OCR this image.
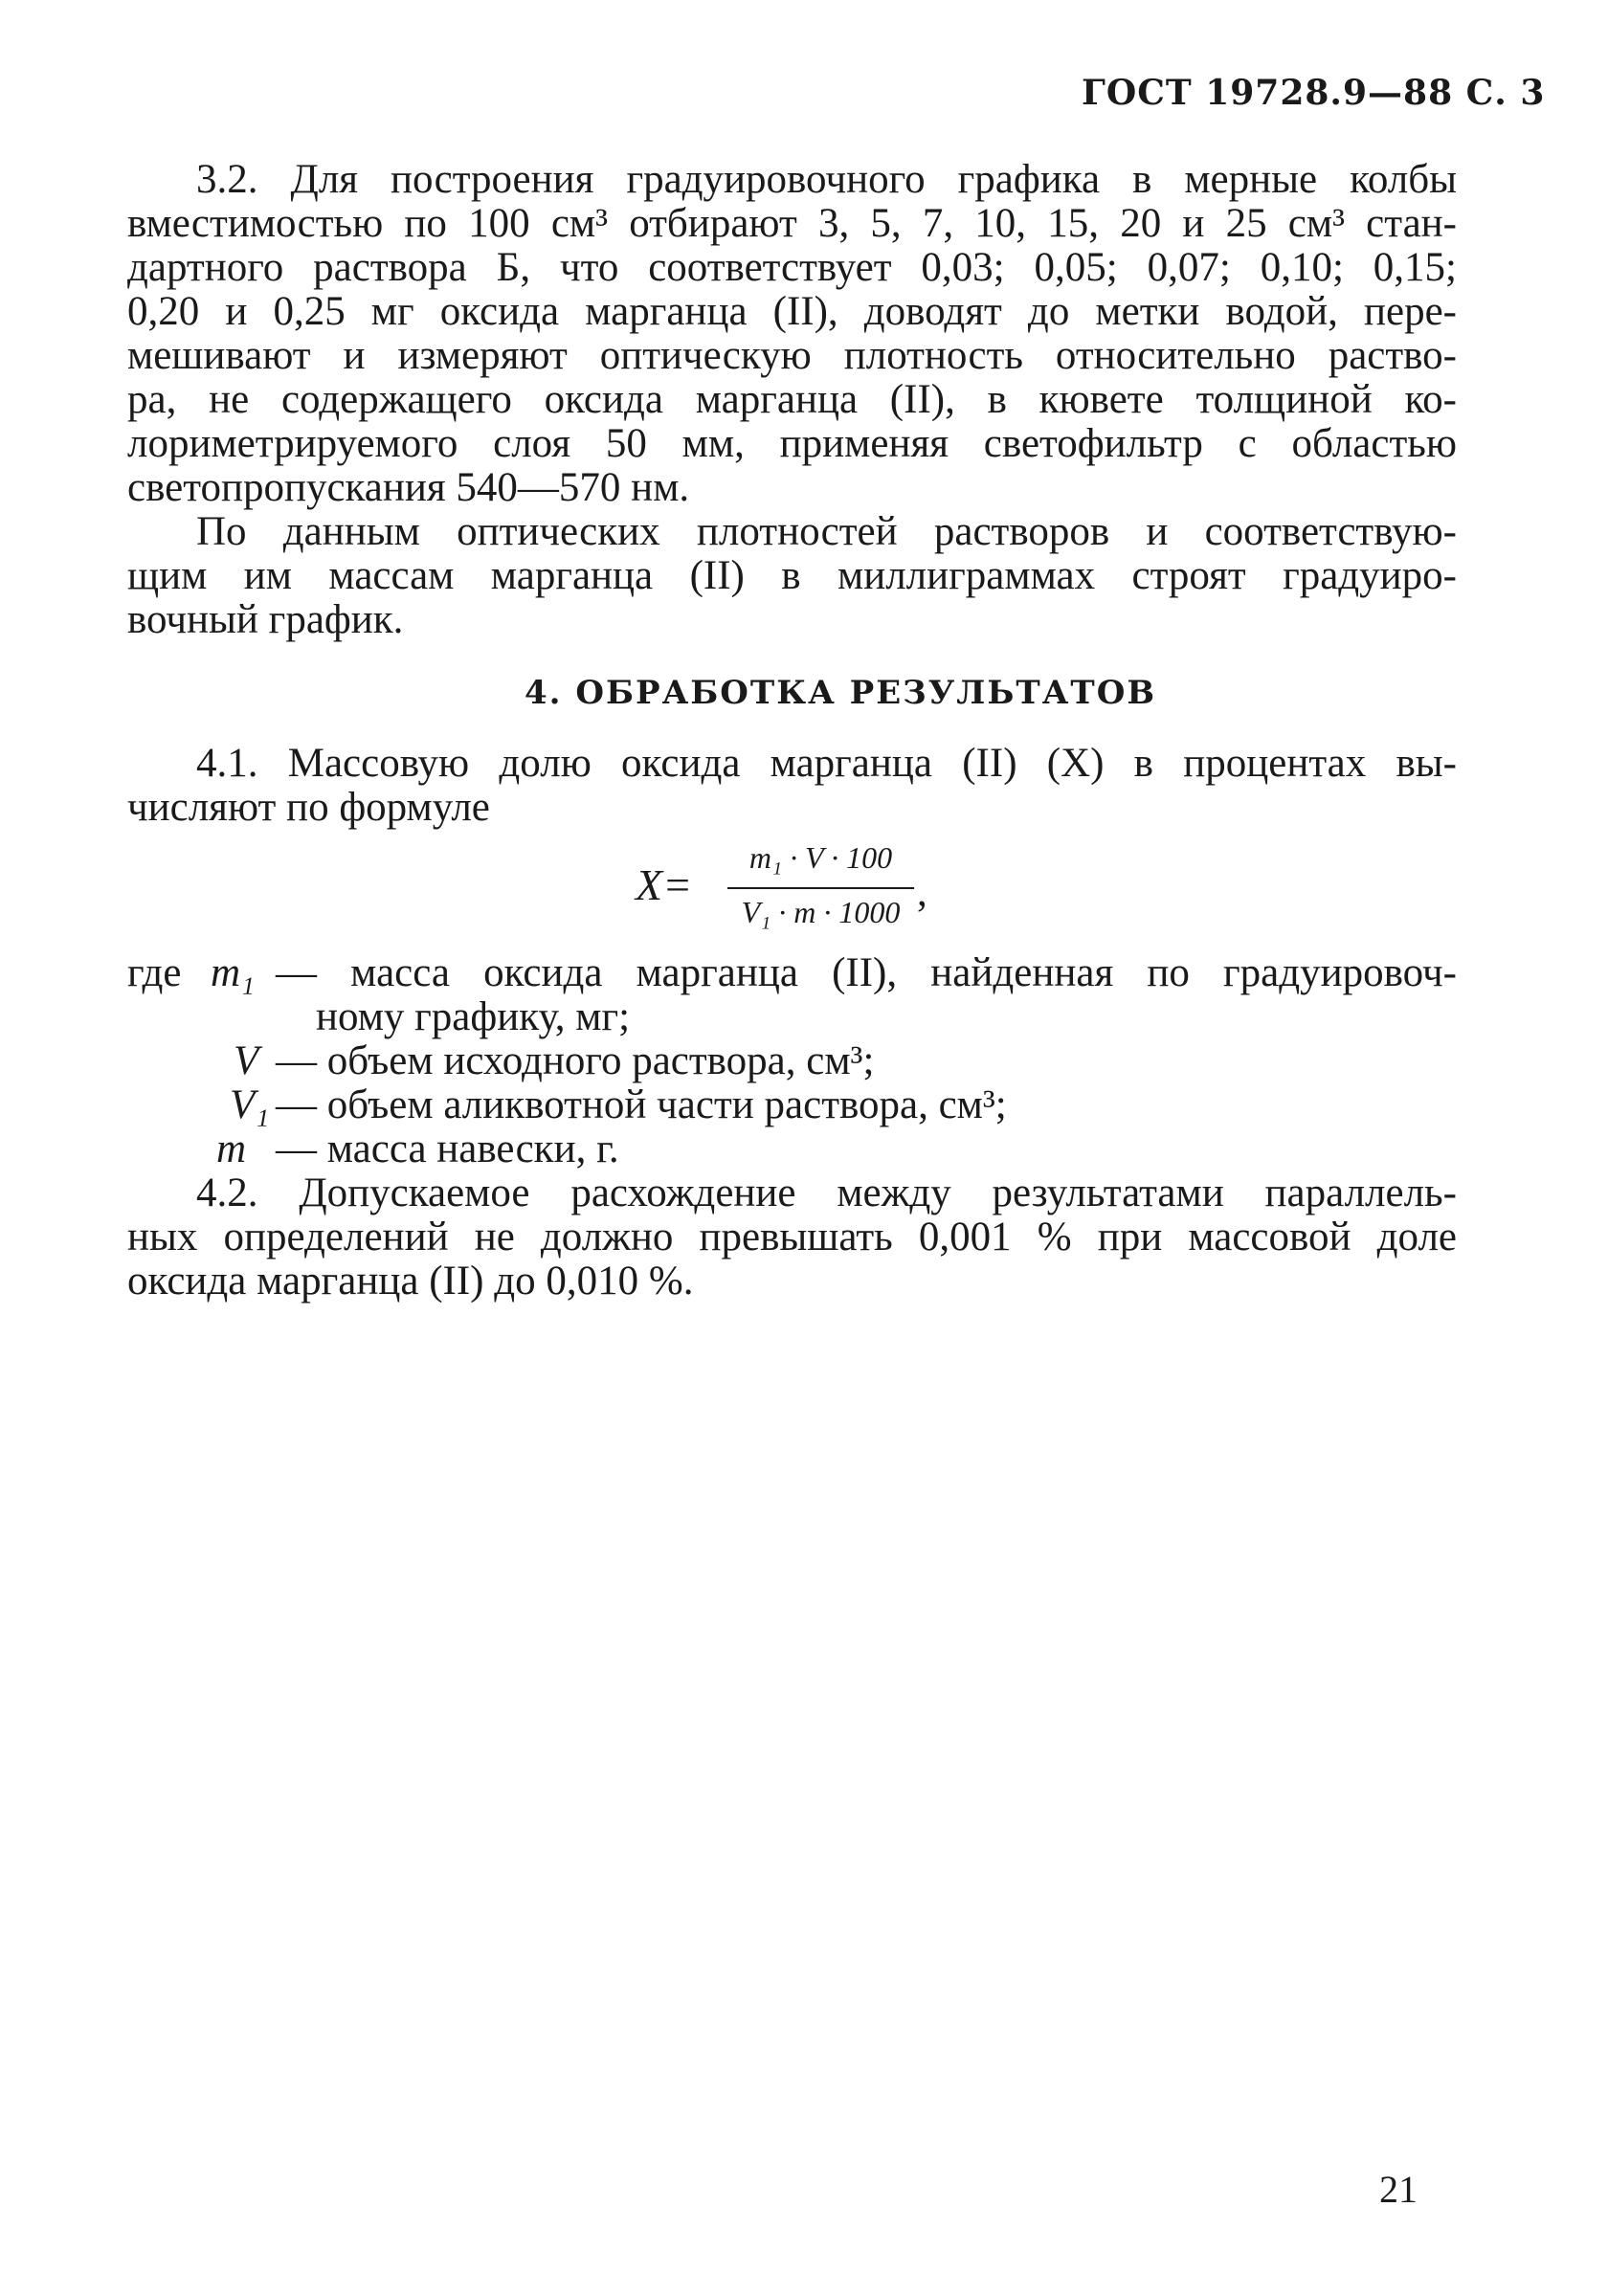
ГОСТ 19728.9—88 С. 3
3.2. Для построения градуировочного графика в мерные колбы
вместимостью по 100 см³ отбирают 3, 5, 7, 10, 15, 20 и 25 см³ стан-
дартного раствора Б, что соответствует 0,03; 0,05; 0,07; 0,10; 0,15;
0,20 и 0,25 мг оксида марганца (II), доводят до метки водой, пере-
мешивают и измеряют оптическую плотность относительно раство-
ра, не содержащего оксида марганца (II), в кювете толщиной ко-
лориметрируемого слоя 50 мм, применяя светофильтр с областью
светопропускания 540—570 нм.
По данным оптических плотностей растворов и соответствую-
щим им массам марганца (II) в миллиграммах строят градуиро-
вочный график.
4. ОБРАБОТКА РЕЗУЛЬТАТОВ
4.1. Массовую долю оксида марганца (II) (X) в процентах вы-
числяют по формуле
X=
m₁ · V · 100
V₁ · m · 1000 ,
где m₁ — масса оксида марганца (II), найденная по градуировоч-
ному графику, мг;
V — объем исходного раствора, см³;
V₁ — объем аликвотной части раствора, см³;
m — масса навески, г.
4.2. Допускаемое расхождение между результатами параллель-
ных определений не должно превышать 0,001 % при массовой доле
оксида марганца (II) до 0,010 %.
21
